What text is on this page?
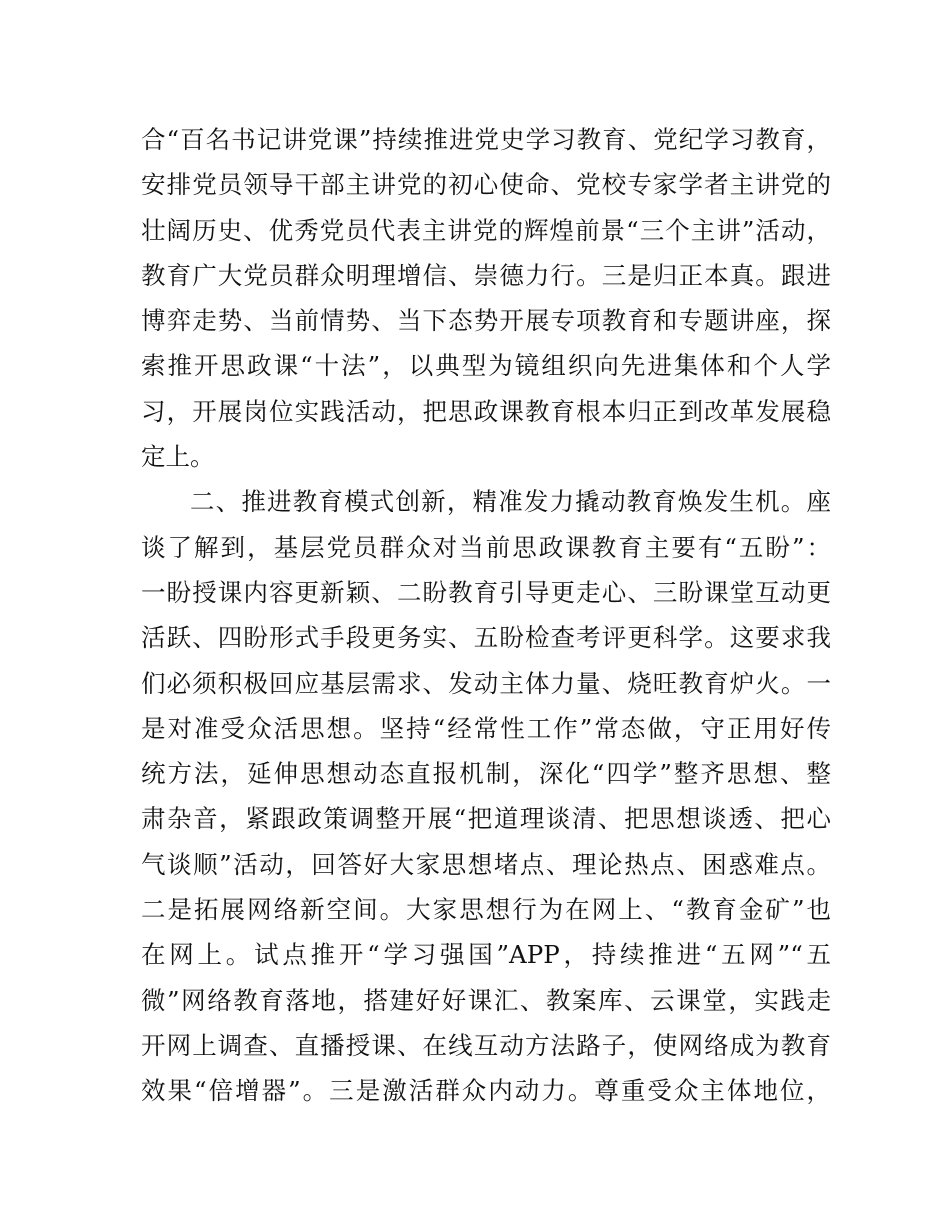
合“百名书记讲党课”持续推进党史学习教育、党纪学习教育，
安排党员领导干部主讲党的初心使命、党校专家学者主讲党的
壮阔历史、优秀党员代表主讲党的辉煌前景“三个主讲”活动，
教育广大党员群众明理增信、崇德力行。三是归正本真。跟进
博弈走势、当前情势、当下态势开展专项教育和专题讲座，探
索推开思政课“十法”，以典型为镜组织向先进集体和个人学
习，开展岗位实践活动，把思政课教育根本归正到改革发展稳
定上。
二、推进教育模式创新，精准发力撬动教育焕发生机。座
谈了解到，基层党员群众对当前思政课教育主要有“五盼”：
一盼授课内容更新颖、二盼教育引导更走心、三盼课堂互动更
活跃、四盼形式手段更务实、五盼检查考评更科学。这要求我
们必须积极回应基层需求、发动主体力量、烧旺教育炉火。一
是对准受众活思想。坚持“经常性工作”常态做，守正用好传
统方法，延伸思想动态直报机制，深化“四学”整齐思想、整
肃杂音，紧跟政策调整开展“把道理谈清、把思想谈透、把心
气谈顺”活动，回答好大家思想堵点、理论热点、困惑难点。
二是拓展网络新空间。大家思想行为在网上、“教育金矿”也
在网上。试点推开“学习强国”APP，持续推进“五网”“五
微”网络教育落地，搭建好好课汇、教案库、云课堂，实践走
开网上调查、直播授课、在线互动方法路子，使网络成为教育
效果“倍增器”。三是激活群众内动力。尊重受众主体地位，
